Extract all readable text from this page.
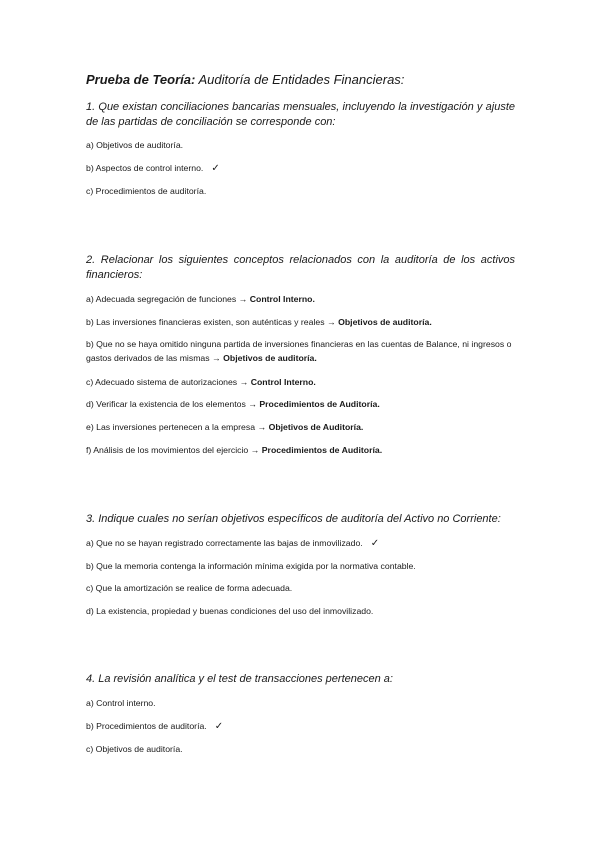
Prueba de Teoría: Auditoría de Entidades Financieras:
1. Que existan conciliaciones bancarias mensuales, incluyendo la investigación y ajuste de las partidas de conciliación se corresponde con:
a) Objetivos de auditoría.
b) Aspectos de control interno. ✓
c) Procedimientos de auditoría.
2. Relacionar los siguientes conceptos relacionados con la auditoría de los activos financieros:
a) Adecuada segregación de funciones → Control Interno.
b) Las inversiones financieras existen, son auténticas y reales → Objetivos de auditoría.
b) Que no se haya omitido ninguna partida de inversiones financieras en las cuentas de Balance, ni ingresos o gastos derivados de las mismas → Objetivos de auditoría.
c) Adecuado sistema de autorizaciones → Control Interno.
d) Verificar la existencia de los elementos → Procedimientos de Auditoría.
e) Las inversiones pertenecen a la empresa → Objetivos de Auditoría.
f) Análisis de los movimientos del ejercicio → Procedimientos de Auditoría.
3. Indique cuales no serían objetivos específicos de auditoría del Activo no Corriente:
a) Que no se hayan registrado correctamente las bajas de inmovilizado. ✓
b) Que la memoria contenga la información mínima exigida por la normativa contable.
c) Que la amortización se realice de forma adecuada.
d) La existencia, propiedad y buenas condiciones del uso del inmovilizado.
4. La revisión analítica y el test de transacciones pertenecen a:
a) Control interno.
b) Procedimientos de auditoría. ✓
c) Objetivos de auditoría.
